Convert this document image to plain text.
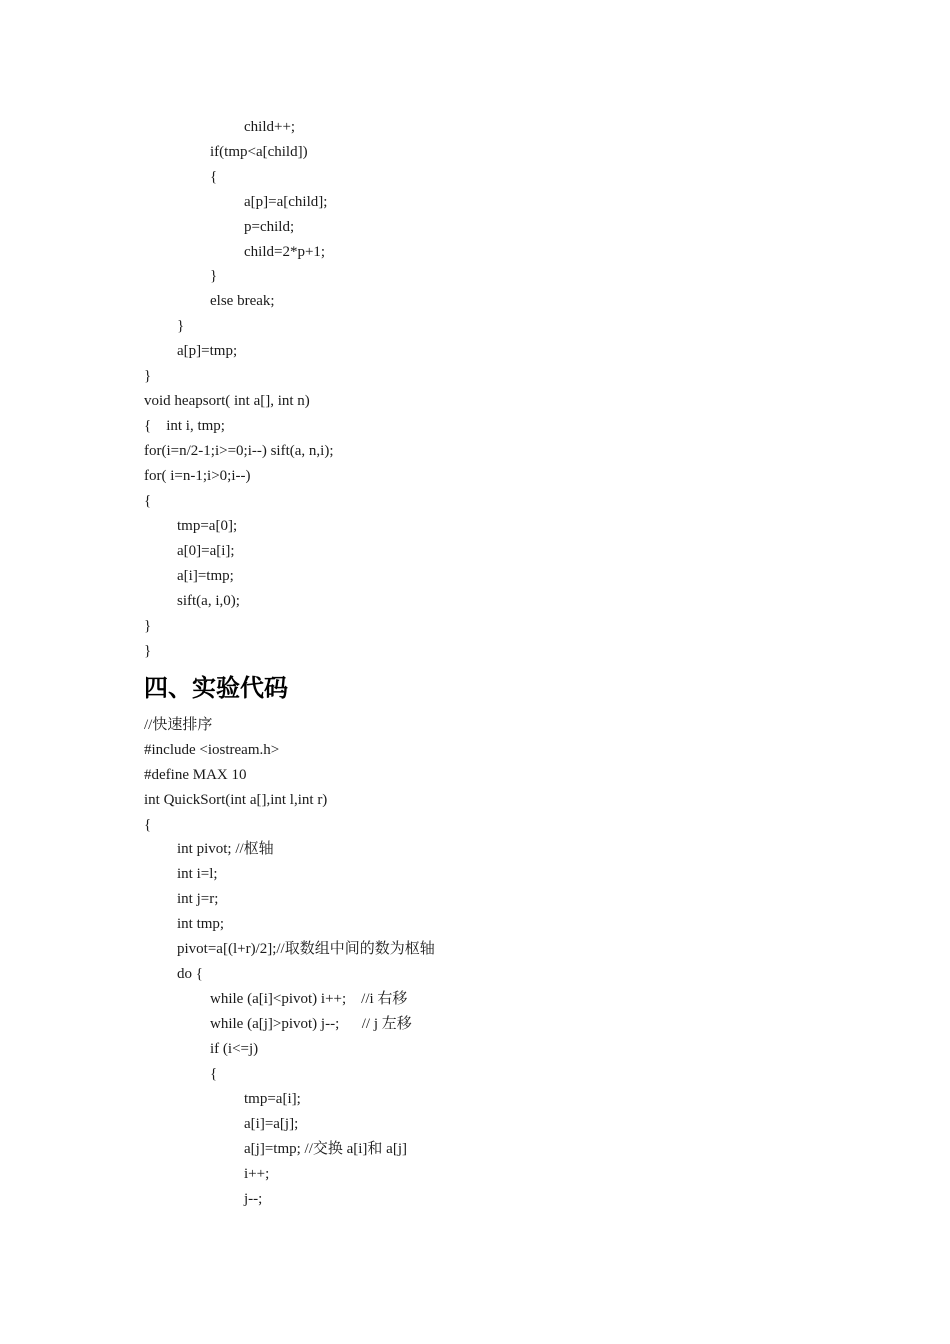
child++;
if(tmp<a[child])
{
a[p]=a[child];
p=child;
child=2*p+1;
}
else break;
}
a[p]=tmp;
}
void heapsort( int a[], int n)
{    int i, tmp;
for(i=n/2-1;i>=0;i--) sift(a, n,i);
for( i=n-1;i>0;i--)
{
tmp=a[0];
a[0]=a[i];
a[i]=tmp;
sift(a, i,0);
}
}
四、实验代码
//快速排序
#include <iostream.h>
#define MAX 10
int QuickSort(int a[],int l,int r)
{
int pivot; //枢轴
int i=l;
int j=r;
int tmp;
pivot=a[(l+r)/2];//取数组中间的数为枢轴
do {
while (a[i]<pivot) i++;    //i 右移
while (a[j]>pivot) j--;      // j 左移
if (i<=j)
{
tmp=a[i];
a[i]=a[j];
a[j]=tmp; //交换 a[i]和 a[j]
i++;
j--;
